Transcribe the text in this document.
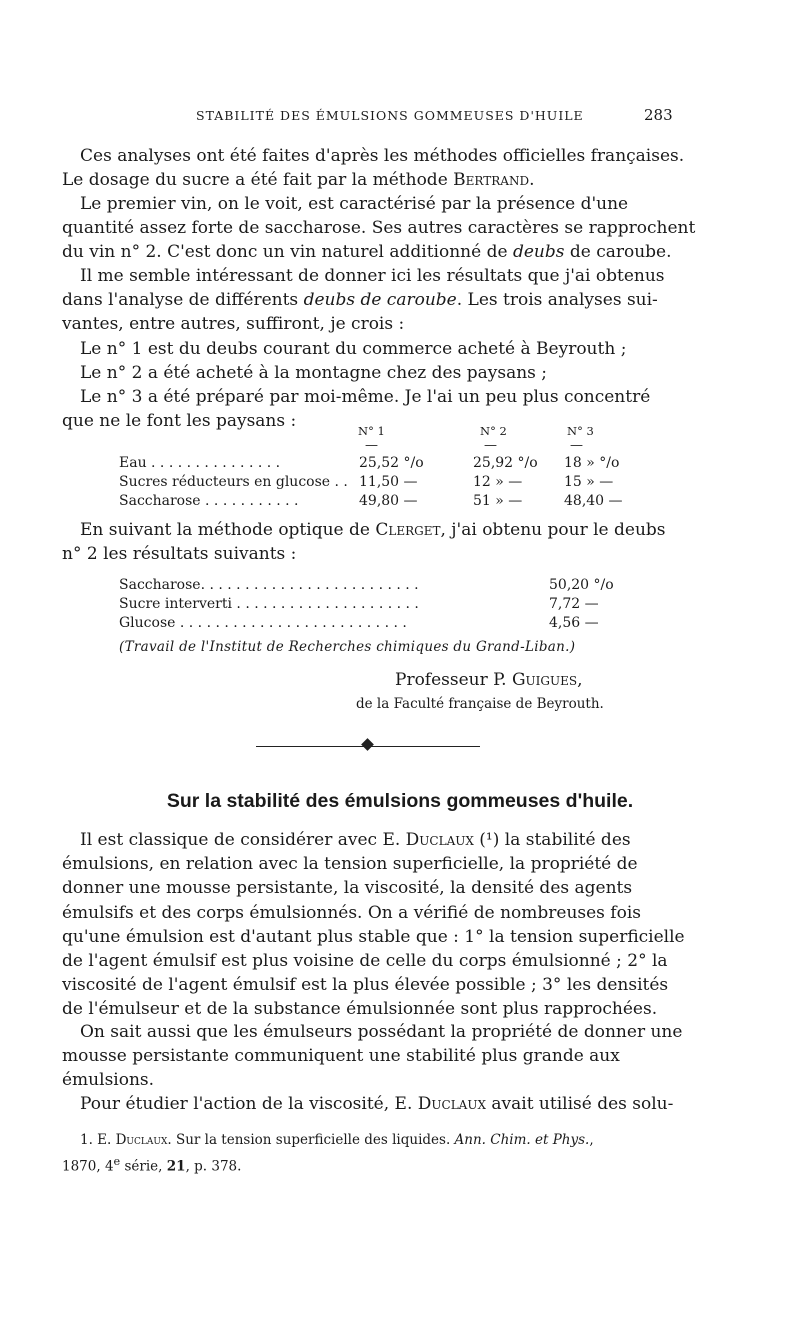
STABILITÉ DES ÉMULSIONS GOMMEUSES D'HUILE	283
Ces analyses ont été faites d'après les méthodes officielles françaises.
Le dosage du sucre a été fait par la méthode Bertrand.
Le premier vin, on le voit, est caractérisé par la présence d'une
quantité assez forte de saccharose. Ses autres caractères se rapprochent
du vin n° 2. C'est donc un vin naturel additionné de deubs de caroube.
Il me semble intéressant de donner ici les résultats que j'ai obtenus
dans l'analyse de différents deubs de caroube. Les trois analyses sui-
vantes, entre autres, suffiront, je crois :
Le n° 1 est du deubs courant du commerce acheté à Beyrouth ;
Le n° 2 a été acheté à la montagne chez des paysans ;
Le n° 3 a été préparé par moi-même. Je l'ai un peu plus concentré
que ne le font les paysans :	N° 1	N° 2	N° 3
—	—	—
Eau . . . . . . . . . . . . . . .	25,52 °/o	25,92 °/o	18 » °/o
Sucres réducteurs en glucose . .	11,50 —	12 » —	15 » —
Saccharose . . . . . . . . . . .	49,80 —	51 » —	48,40 —
En suivant la méthode optique de Clerget, j'ai obtenu pour le deubs
n° 2 les résultats suivants :
Saccharose. . . . . . . . . . . . . . . . . . . . . . . . .	50,20 °/o
Sucre interverti . . . . . . . . . . . . . . . . . . . . .	7,72 —
Glucose . . . . . . . . . . . . . . . . . . . . . . . . . .	4,56 —
(Travail de l'Institut de Recherches chimiques du Grand-Liban.)
Professeur P. Guigues,
de la Faculté française de Beyrouth.
Sur la stabilité des émulsions gommeuses d'huile.
Il est classique de considérer avec E. Duclaux (¹) la stabilité des
émulsions, en relation avec la tension superficielle, la propriété de
donner une mousse persistante, la viscosité, la densité des agents
émulsifs et des corps émulsionnés. On a vérifié de nombreuses fois
qu'une émulsion est d'autant plus stable que : 1° la tension superficielle
de l'agent émulsif est plus voisine de celle du corps émulsionné ; 2° la
viscosité de l'agent émulsif est la plus élevée possible ; 3° les densités
de l'émulseur et de la substance émulsionnée sont plus rapprochées.
On sait aussi que les émulseurs possédant la propriété de donner une
mousse persistante communiquent une stabilité plus grande aux
émulsions.
Pour étudier l'action de la viscosité, E. Duclaux avait utilisé des solu-
1. E. Duclaux. Sur la tension superficielle des liquides. Ann. Chim. et Phys.,
1870, 4e série, 21, p. 378.
